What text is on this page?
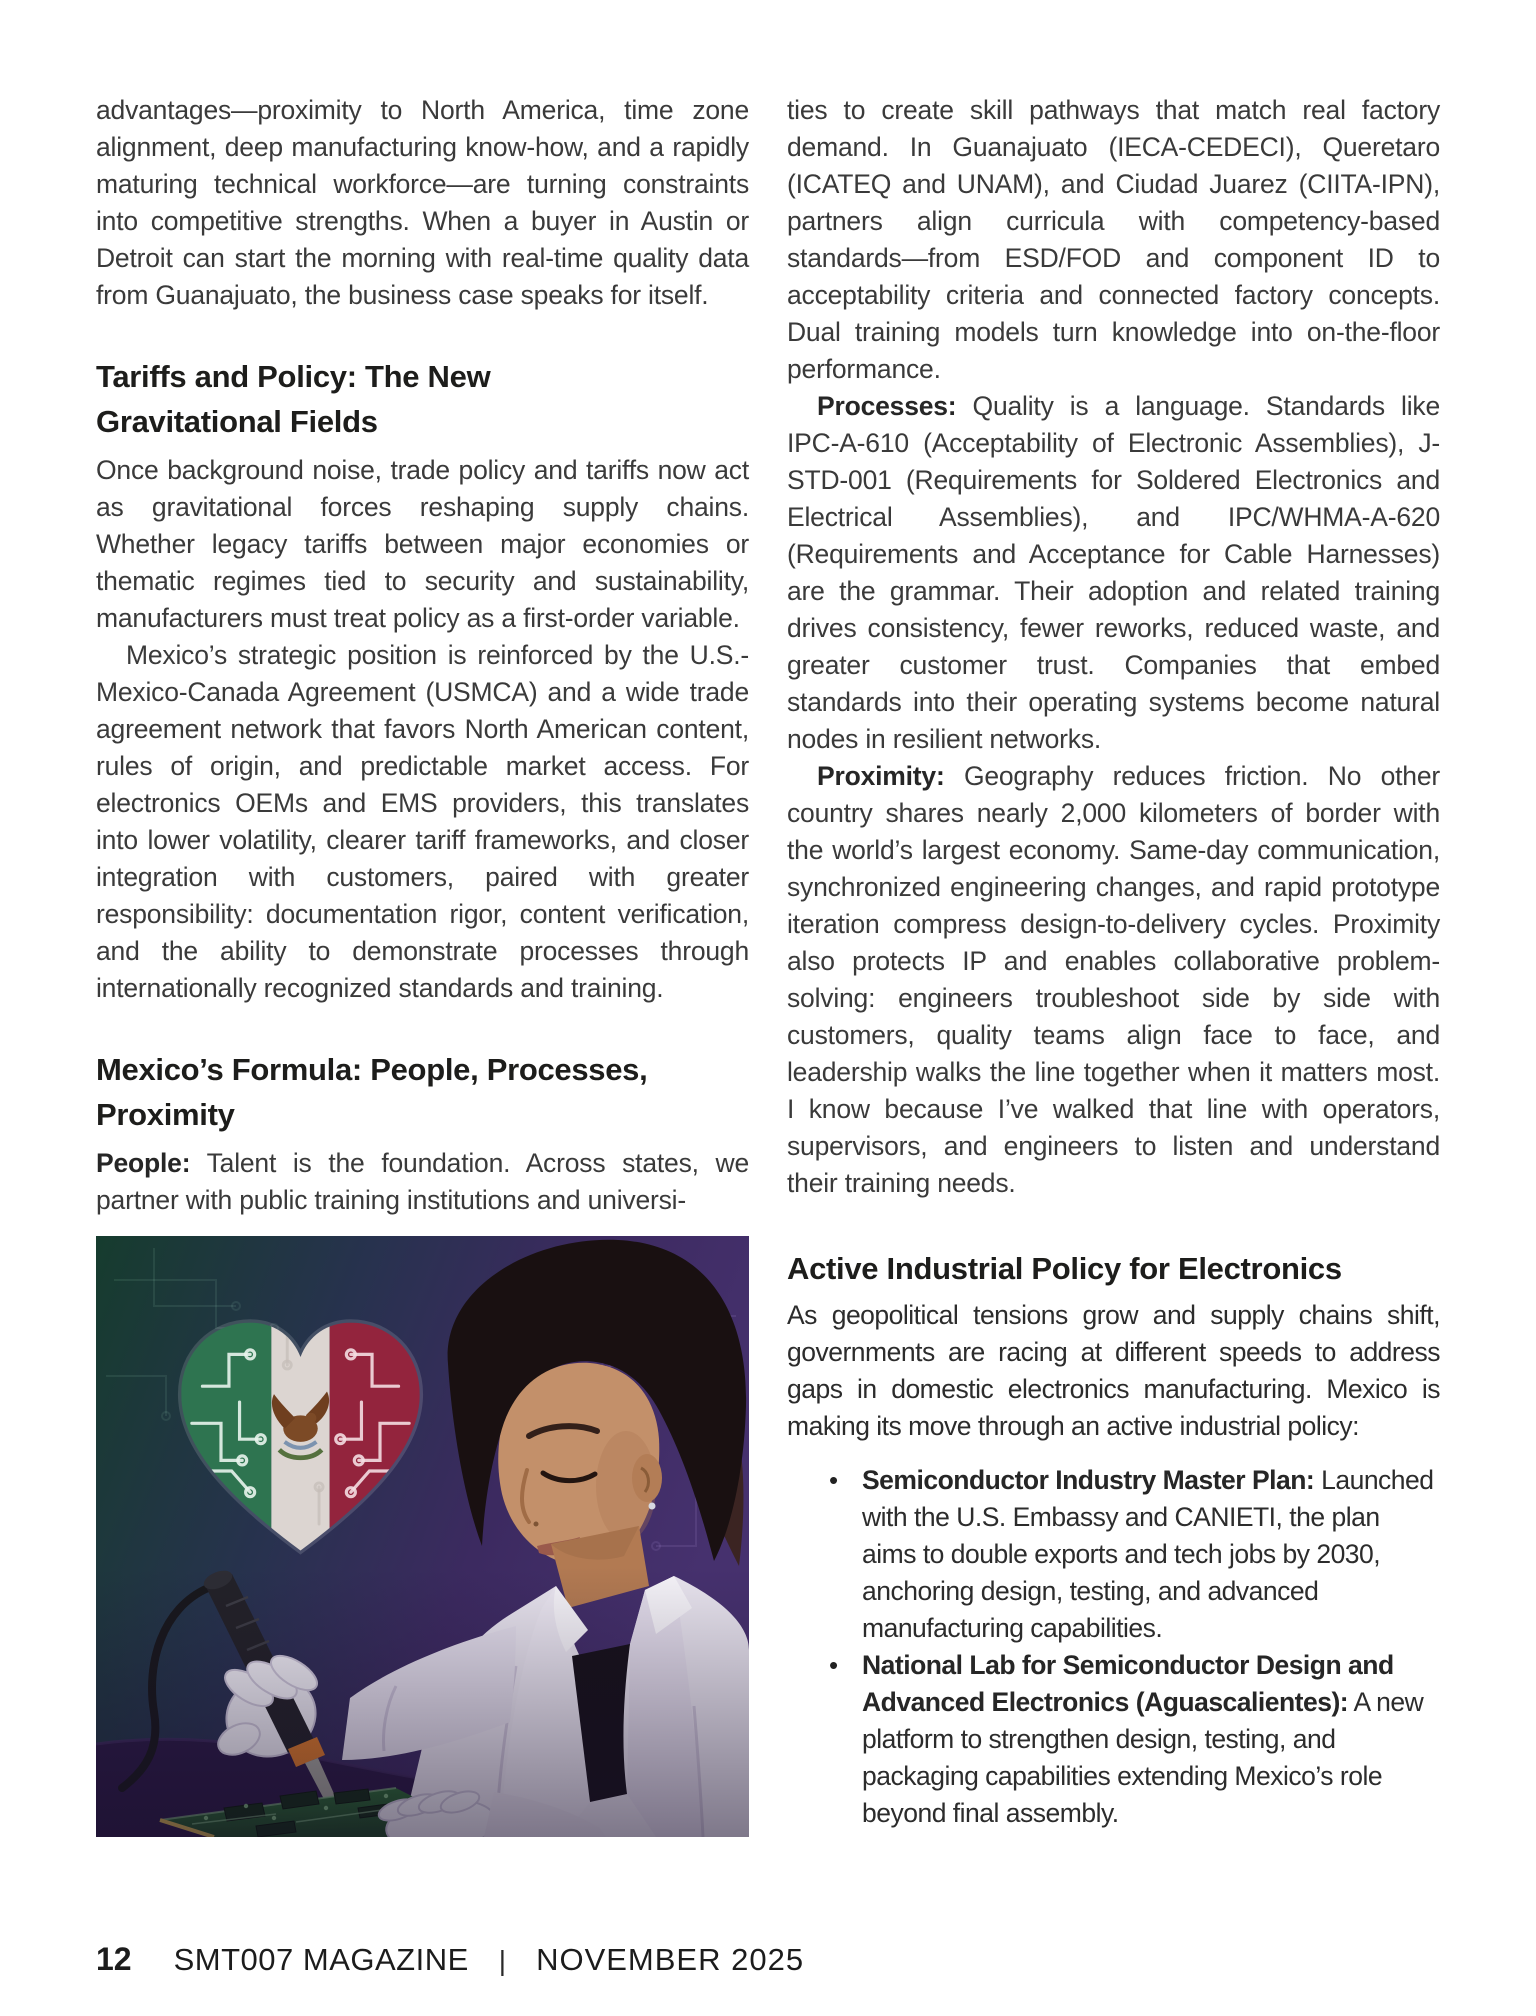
advantages—proximity to North America, time zone alignment, deep manufacturing know-how, and a rapidly maturing technical workforce—are turning constraints into competitive strengths. When a buyer in Austin or Detroit can start the morning with real-time quality data from Guanajuato, the business case speaks for itself.

Tariffs and Policy: The New
Gravitational Fields

Once background noise, trade policy and tariffs now act as gravitational forces reshaping supply chains. Whether legacy tariffs between major economies or thematic regimes tied to security and sustainability, manufacturers must treat policy as a first-order variable.

Mexico’s strategic position is reinforced by the U.S.-Mexico-Canada Agreement (USMCA) and a wide trade agreement network that favors North American content, rules of origin, and predictable market access. For electronics OEMs and EMS providers, this translates into lower volatility, clearer tariff frameworks, and closer integration with customers, paired with greater responsibility: documentation rigor, content verification, and the ability to demonstrate processes through internationally recognized standards and training.

Mexico’s Formula: People, Processes,
Proximity

People: Talent is the foundation. Across states, we partner with public training institutions and universi-

ties to create skill pathways that match real factory demand. In Guanajuato (IECA-CEDECI), Queretaro (ICATEQ and UNAM), and Ciudad Juarez (CIITA-IPN), partners align curricula with competency-based standards—from ESD/FOD and component ID to acceptability criteria and connected factory concepts. Dual training models turn knowledge into on-the-floor performance.

Processes: Quality is a language. Standards like IPC-A-610 (Acceptability of Electronic Assemblies), J-STD-001 (Requirements for Soldered Electronics and Electrical Assemblies), and IPC/WHMA-A-620 (Requirements and Acceptance for Cable Harnesses) are the grammar. Their adoption and related training drives consistency, fewer reworks, reduced waste, and greater customer trust. Companies that embed standards into their operating systems become natural nodes in resilient networks.

Proximity: Geography reduces friction. No other country shares nearly 2,000 kilometers of border with the world’s largest economy. Same-day communication, synchronized engineering changes, and rapid prototype iteration compress design-to-delivery cycles. Proximity also protects IP and enables collaborative problem-solving: engineers troubleshoot side by side with customers, quality teams align face to face, and leadership walks the line together when it matters most. I know because I’ve walked that line with operators, supervisors, and engineers to listen and understand their training needs.

Active Industrial Policy for Electronics

As geopolitical tensions grow and supply chains shift, governments are racing at different speeds to address gaps in domestic electronics manufacturing. Mexico is making its move through an active industrial policy:

• Semiconductor Industry Master Plan: Launched with the U.S. Embassy and CANIETI, the plan aims to double exports and tech jobs by 2030, anchoring design, testing, and advanced manufacturing capabilities.

• National Lab for Semiconductor Design and Advanced Electronics (Aguascalientes): A new platform to strengthen design, testing, and packaging capabilities extending Mexico’s role beyond final assembly.

12 SMT007 MAGAZINE | NOVEMBER 2025
